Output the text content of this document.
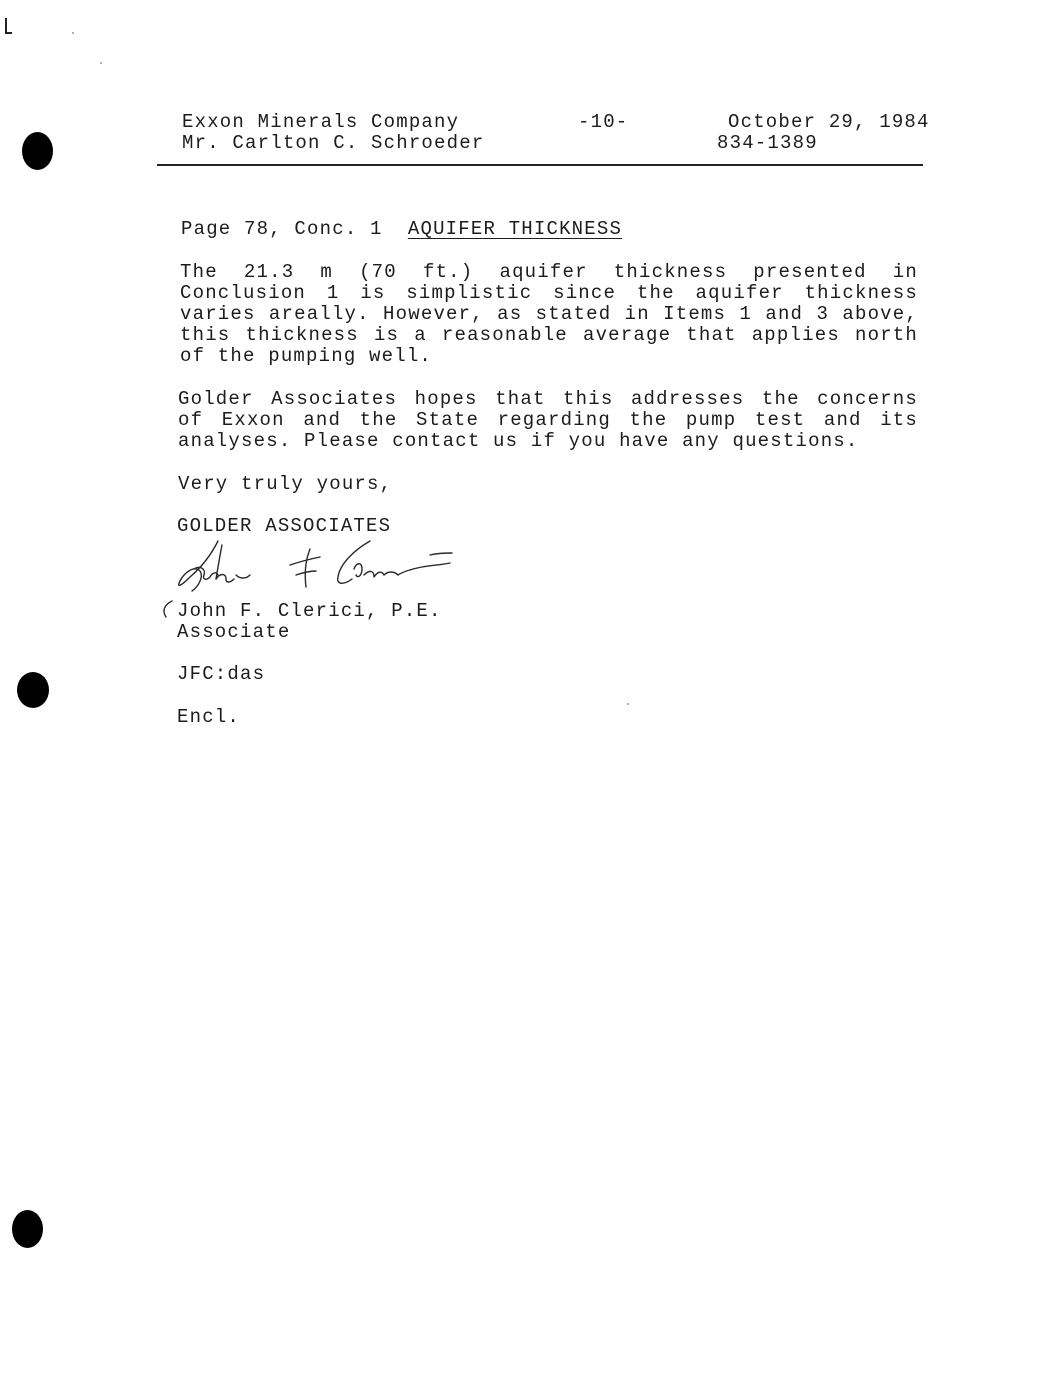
Exxon Minerals Company
Mr. Carlton C. Schroeder
-10-	October 29, 1984
834-1389
Page 78, Conc. 1 AQUIFER THICKNESS
The 21.3 m (70 ft.) aquifer thickness presented in Conclusion 1 is simplistic since the aquifer thickness varies areally. However, as stated in Items 1 and 3 above, this thickness is a reasonable average that applies north of the pumping well.
Golder Associates hopes that this addresses the concerns of Exxon and the State regarding the pump test and its analyses. Please contact us if you have any questions.
Very truly yours,
GOLDER ASSOCIATES
John F. Clerici, P.E.
Associate
JFC:das
Encl.
